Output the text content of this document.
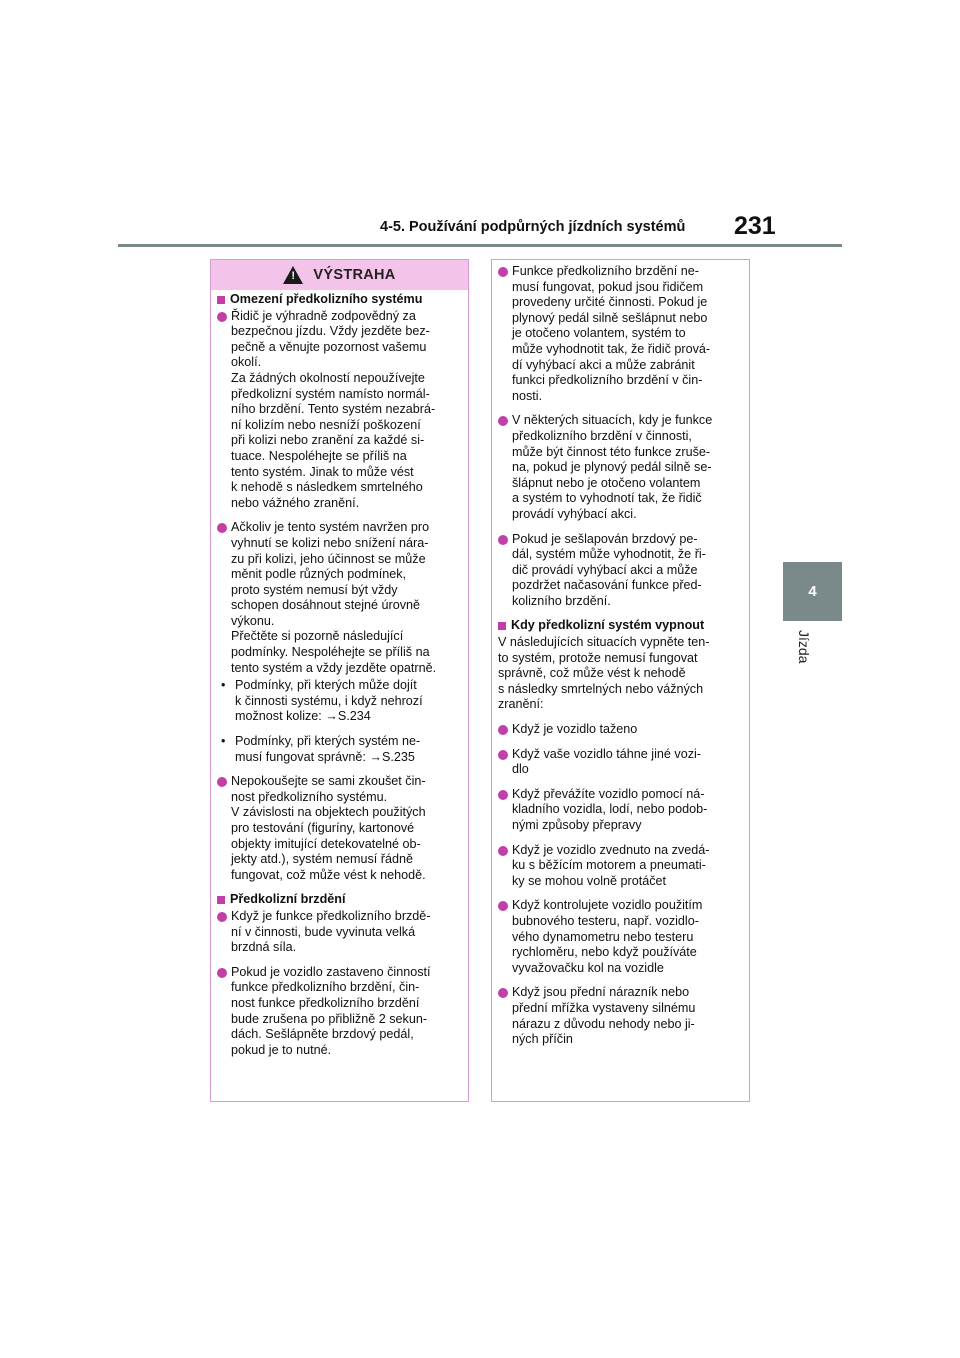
4-5. Používání podpůrných jízdních systémů 231
4
Jízda
! VÝSTRAHA
Omezení předkolizního systému
Řidič je výhradně zodpovědný za
bezpečnou jízdu. Vždy jezděte bez-
pečně a věnujte pozornost vašemu
okolí.
Za žádných okolností nepoužívejte
předkolizní systém namísto normál-
ního brzdění. Tento systém nezabrá-
ní kolizím nebo nesníží poškození
při kolizi nebo zranění za každé si-
tuace. Nespoléhejte se příliš na
tento systém. Jinak to může vést
k nehodě s následkem smrtelného
nebo vážného zranění.
Ačkoliv je tento systém navržen pro
vyhnutí se kolizi nebo snížení nára-
zu při kolizi, jeho účinnost se může
měnit podle různých podmínek,
proto systém nemusí být vždy
schopen dosáhnout stejné úrovně
výkonu.
Přečtěte si pozorně následující
podmínky. Nespoléhejte se příliš na
tento systém a vždy jezděte opatrně.
• Podmínky, při kterých může dojít
k činnosti systému, i když nehrozí
možnost kolize: →S.234
• Podmínky, při kterých systém ne-
musí fungovat správně: →S.235
Nepokoušejte se sami zkoušet čin-
nost předkolizního systému.
V závislosti na objektech použitých
pro testování (figuríny, kartonové
objekty imitující detekovatelné ob-
jekty atd.), systém nemusí řádně
fungovat, což může vést k nehodě.
Předkolizní brzdění
Když je funkce předkolizního brzdě-
ní v činnosti, bude vyvinuta velká
brzdná síla.
Pokud je vozidlo zastaveno činností
funkce předkolizního brzdění, čin-
nost funkce předkolizního brzdění
bude zrušena po přibližně 2 sekun-
dách. Sešlápněte brzdový pedál,
pokud je to nutné.
Funkce předkolizního brzdění ne-
musí fungovat, pokud jsou řidičem
provedeny určité činnosti. Pokud je
plynový pedál silně sešlápnut nebo
je otočeno volantem, systém to
může vyhodnotit tak, že řidič prová-
dí vyhýbací akci a může zabránit
funkci předkolizního brzdění v čin-
nosti.
V některých situacích, kdy je funkce
předkolizního brzdění v činnosti,
může být činnost této funkce zruše-
na, pokud je plynový pedál silně se-
šlápnut nebo je otočeno volantem
a systém to vyhodnotí tak, že řidič
provádí vyhýbací akci.
Pokud je sešlapován brzdový pe-
dál, systém může vyhodnotit, že ři-
dič provádí vyhýbací akci a může
pozdržet načasování funkce před-
kolizního brzdění.
Kdy předkolizní systém vypnout
V následujících situacích vypněte ten-
to systém, protože nemusí fungovat
správně, což může vést k nehodě
s následky smrtelných nebo vážných
zranění:
Když je vozidlo taženo
Když vaše vozidlo táhne jiné vozi-
dlo
Když převážíte vozidlo pomocí ná-
kladního vozidla, lodí, nebo podob-
nými způsoby přepravy
Když je vozidlo zvednuto na zvedá-
ku s běžícím motorem a pneumati-
ky se mohou volně protáčet
Když kontrolujete vozidlo použitím
bubnového testeru, např. vozidlo-
vého dynamometru nebo testeru
rychloměru, nebo když používáte
vyvažovačku kol na vozidle
Když jsou přední nárazník nebo
přední mřížka vystaveny silnému
nárazu z důvodu nehody nebo ji-
ných příčin
